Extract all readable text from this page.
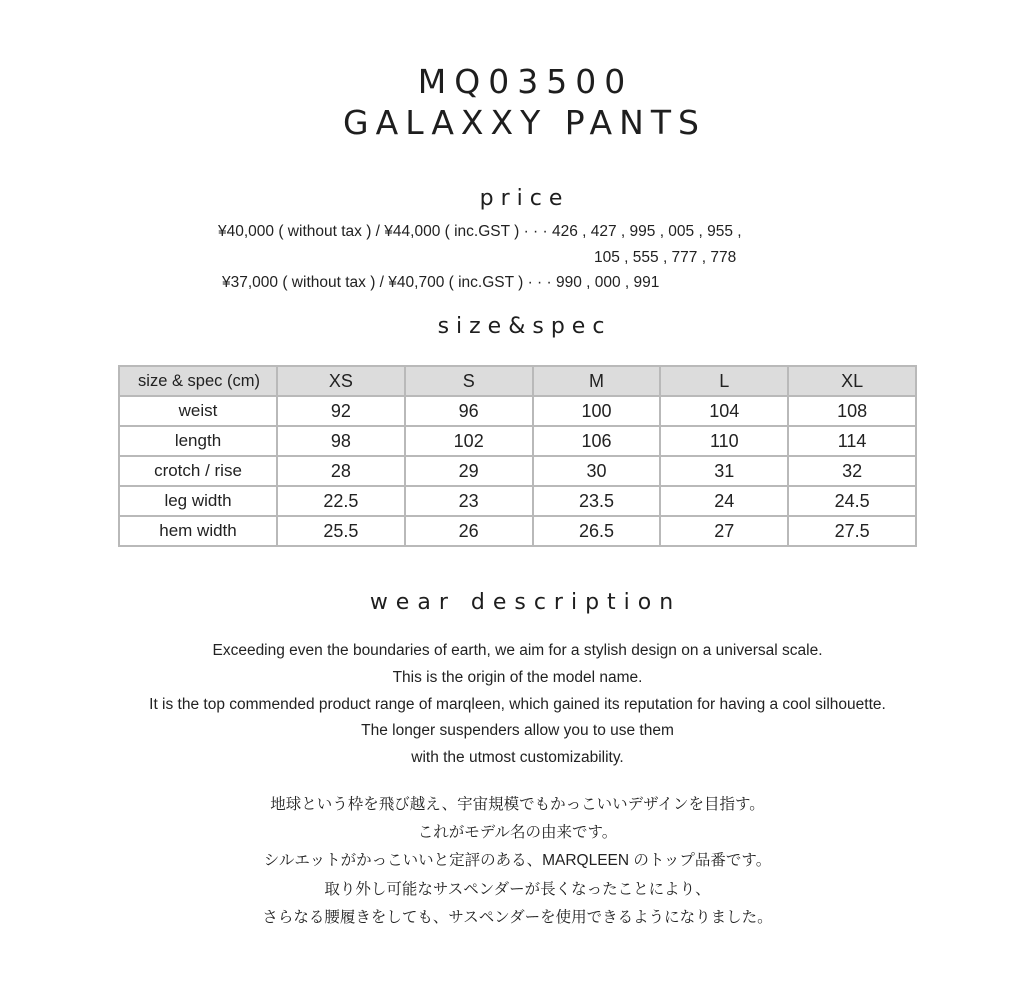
MQ03500
GALAXXY PANTS
price
¥40,000 ( without tax ) / ¥44,000 ( inc.GST ) · · · 426 , 427 , 995 , 005 , 955 ,
105 , 555 , 777 , 778
¥37,000 ( without tax ) / ¥40,700 ( inc.GST ) · · · 990 , 000 , 991
size&spec
size & spec (cm)	XS	S	M	L	XL
weist	92	96	100	104	108
length	98	102	106	110	114
crotch / rise	28	29	30	31	32
leg width	22.5	23	23.5	24	24.5
hem width	25.5	26	26.5	27	27.5
wear description
Exceeding even the boundaries of earth, we aim for a stylish design on a universal scale.
This is the origin of the model name.
It is the top commended product range of marqleen, which gained its reputation for having a cool silhouette.
The longer suspenders allow you to use them
with the utmost customizability.
地球という枠を飛び越え、宇宙規模でもかっこいいデザインを目指す。
これがモデル名の由来です。
シルエットがかっこいいと定評のある、MARQLEEN のトップ品番です。
取り外し可能なサスペンダーが長くなったことにより、
さらなる腰履きをしても、サスペンダーを使用できるようになりました。
